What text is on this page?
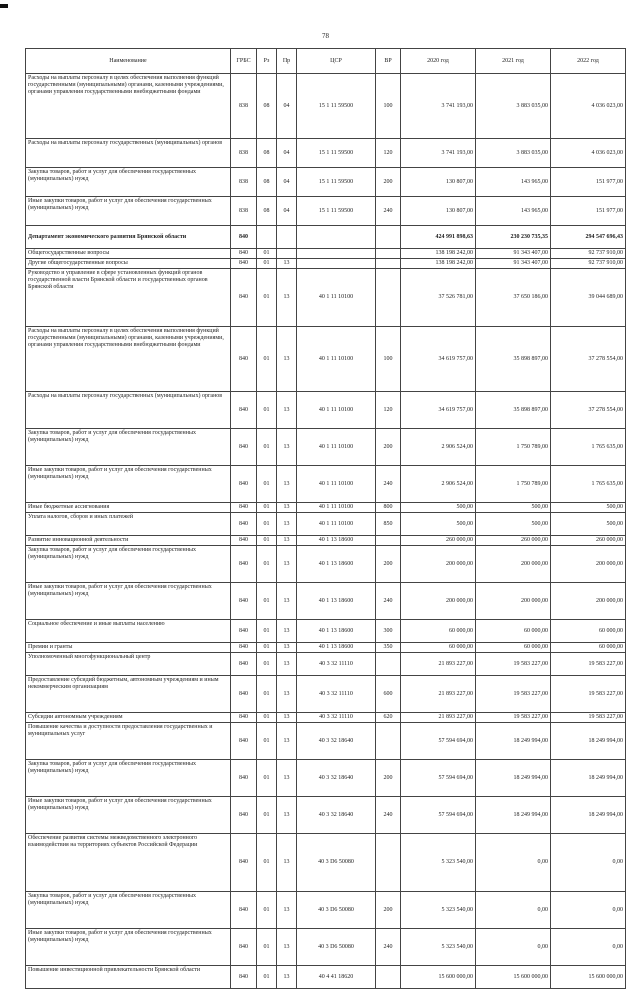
78
Наименование	ГРБС	Рз	Пр	ЦСР	ВР	2020 год	2021 год	2022 год
Расходы на выплаты персоналу в целях обеспечения выполнения функций государственными (муниципальными) органами, казенными учреждениями, органами управления государственными внебюджетными фондами	838	08	04	15 1 11 59500	100	3 741 193,00	3 883 035,00	4 036 023,00
Расходы на выплаты персоналу государственных (муниципальных) органов	838	08	04	15 1 11 59500	120	3 741 193,00	3 883 035,00	4 036 023,00
Закупка товаров, работ и услуг для обеспечения государственных (муниципальных) нужд	838	08	04	15 1 11 59500	200	130 807,00	143 965,00	151 977,00
Иные закупки товаров, работ и услуг для обеспечения государственных (муниципальных) нужд	838	08	04	15 1 11 59500	240	130 807,00	143 965,00	151 977,00
Департамент экономического развития Брянской области	840					424 991 898,63	230 230 735,35	294 547 696,43
Общегосударственные вопросы	840	01				138 198 242,00	91 343 407,00	92 737 910,00
Другие общегосударственные вопросы	840	01	13			138 198 242,00	91 343 407,00	92 737 910,00
Руководство и управление в сфере установленных функций органов государственной власти Брянской области и государственных органов Брянской области	840	01	13	40 1 11 10100		37 526 781,00	37 650 186,00	39 044 689,00
Расходы на выплаты персоналу в целях обеспечения выполнения функций государственными (муниципальными) органами, казенными учреждениями, органами управления государственными внебюджетными фондами	840	01	13	40 1 11 10100	100	34 619 757,00	35 898 897,00	37 278 554,00
Расходы на выплаты персоналу государственных (муниципальных) органов	840	01	13	40 1 11 10100	120	34 619 757,00	35 898 897,00	37 278 554,00
Закупка товаров, работ и услуг для обеспечения государственных (муниципальных) нужд	840	01	13	40 1 11 10100	200	2 906 524,00	1 750 789,00	1 765 635,00
Иные закупки товаров, работ и услуг для обеспечения государственных (муниципальных) нужд	840	01	13	40 1 11 10100	240	2 906 524,00	1 750 789,00	1 765 635,00
Иные бюджетные ассигнования	840	01	13	40 1 11 10100	800	500,00	500,00	500,00
Уплата налогов, сборов и иных платежей	840	01	13	40 1 11 10100	850	500,00	500,00	500,00
Развитие инновационной деятельности	840	01	13	40 1 13 18600		260 000,00	260 000,00	260 000,00
Закупка товаров, работ и услуг для обеспечения государственных (муниципальных) нужд	840	01	13	40 1 13 18600	200	200 000,00	200 000,00	200 000,00
Иные закупки товаров, работ и услуг для обеспечения государственных (муниципальных) нужд	840	01	13	40 1 13 18600	240	200 000,00	200 000,00	200 000,00
Социальное обеспечение и иные выплаты населению	840	01	13	40 1 13 18600	300	60 000,00	60 000,00	60 000,00
Премии и гранты	840	01	13	40 1 13 18600	350	60 000,00	60 000,00	60 000,00
Уполномоченный многофункциональный центр	840	01	13	40 3 32 11110		21 893 227,00	19 583 227,00	19 583 227,00
Предоставление субсидий бюджетным, автономным учреждениям и иным некоммерческим организациям	840	01	13	40 3 32 11110	600	21 893 227,00	19 583 227,00	19 583 227,00
Субсидии автономным учреждениям	840	01	13	40 3 32 11110	620	21 893 227,00	19 583 227,00	19 583 227,00
Повышение качества и доступности предоставления государственных и муниципальных услуг	840	01	13	40 3 32 18640		57 594 694,00	18 249 994,00	18 249 994,00
Закупка товаров, работ и услуг для обеспечения государственных (муниципальных) нужд	840	01	13	40 3 32 18640	200	57 594 694,00	18 249 994,00	18 249 994,00
Иные закупки товаров, работ и услуг для обеспечения государственных (муниципальных) нужд	840	01	13	40 3 32 18640	240	57 594 694,00	18 249 994,00	18 249 994,00
Обеспечение развития системы межведомственного электронного взаимодействия на территориях субъектов Российской Федерации	840	01	13	40 3 D6 50080		5 323 540,00	0,00	0,00
Закупка товаров, работ и услуг для обеспечения государственных (муниципальных) нужд	840	01	13	40 3 D6 50080	200	5 323 540,00	0,00	0,00
Иные закупки товаров, работ и услуг для обеспечения государственных (муниципальных) нужд	840	01	13	40 3 D6 50080	240	5 323 540,00	0,00	0,00
Повышение инвестиционной привлекательности Брянской области	840	01	13	40 4 41 18620		15 600 000,00	15 600 000,00	15 600 000,00
